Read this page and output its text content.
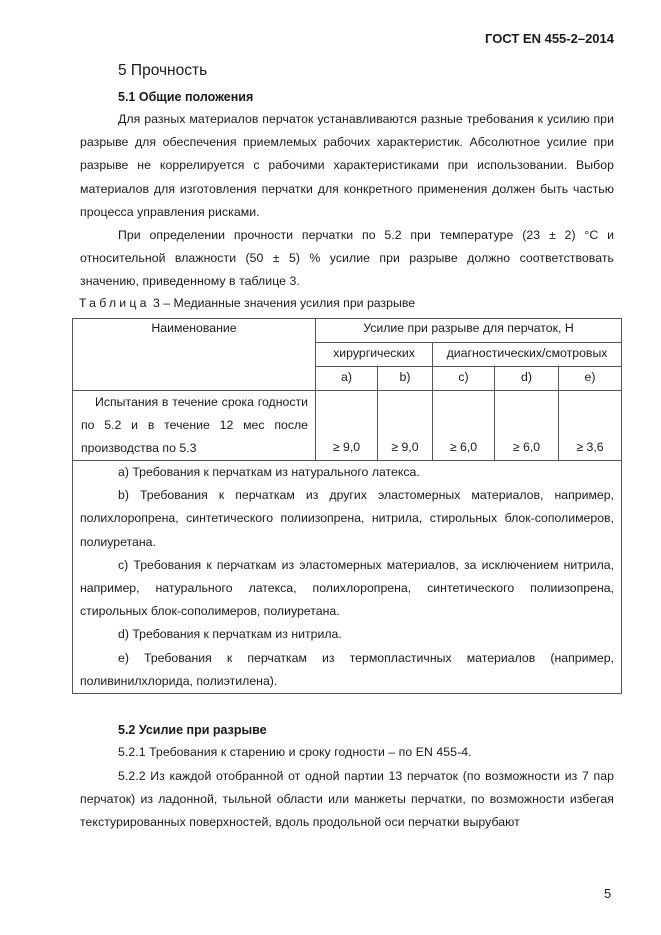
ГОСТ EN 455-2–2014
5 Прочность
5.1 Общие положения

Для разных материалов перчаток устанавливаются разные требования к усилию при разрыве для обеспечения приемлемых рабочих характеристик. Абсолютное усилие при разрыве не коррелируется с рабочими характеристиками при использовании. Выбор материалов для изготовления перчатки для конкретного применения должен быть частью процесса управления рисками.

При определении прочности перчатки по 5.2 при температуре (23 ± 2) °C и относительной влажности (50 ± 5) % усилие при разрыве должно соответствовать значению, приведенному в таблице 3.

Таблица 3 – Медианные значения усилия при разрыве
Наименование	Усилие при разрыве для перчаток, Н				
	хирургических		диагностических/смотровых		
	а)	b)	c)	d)	e)
Испытания в течение срока годности по 5.2 и в течение 12 мес после производства по 5.3	≥ 9,0	≥ 9,0	≥ 6,0	≥ 6,0	≥ 3,6

а) Требования к перчаткам из натурального латекса.

b) Требования к перчаткам из других эластомерных материалов, например, полихлоропрена, синтетического полиизопрена, нитрила, стирольных блок-сополимеров, полиуретана.

с) Требования к перчаткам из эластомерных материалов, за исключением нитрила, например, натурального латекса, полихлоропрена, синтетического полиизопрена, стирольных блок-сополимеров, полиуретана.

d) Требования к перчаткам из нитрила.

е) Требования к перчаткам из термопластичных материалов (например, поливинилхлорида, полиэтилена).					

5.2 Усилие при разрыве

5.2.1 Требования к старению и сроку годности – по EN 455-4.

5.2.2 Из каждой отобранной от одной партии 13 перчаток (по возможности из 7 пар перчаток) из ладонной, тыльной области или манжеты перчатки, по возможности избегая текстурированных поверхностей, вдоль продольной оси перчатки вырубают

5
